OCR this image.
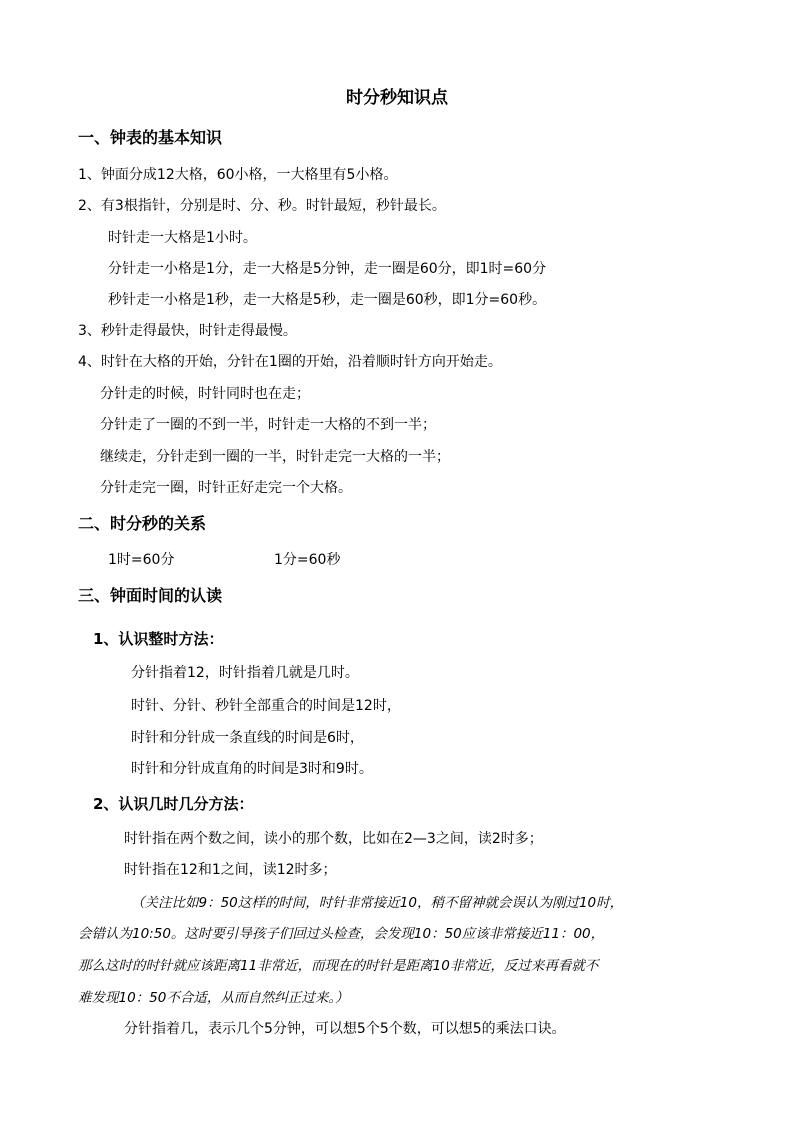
时分秒知识点
一、钟表的基本知识
1、钟面分成12大格，60小格，一大格里有5小格。
2、有3根指针，分别是时、分、秒。时针最短，秒针最长。
时针走一大格是1小时。
分针走一小格是1分，走一大格是5分钟，走一圈是60分，即1时=60分
秒针走一小格是1秒，走一大格是5秒，走一圈是60秒，即1分=60秒。
3、秒针走得最快，时针走得最慢。
4、时针在大格的开始，分针在1圈的开始，沿着顺时针方向开始走。
分针走的时候，时针同时也在走；
分针走了一圈的不到一半，时针走一大格的不到一半；
继续走，分针走到一圈的一半，时针走完一大格的一半；
分针走完一圈，时针正好走完一个大格。
二、时分秒的关系
1时=60分	1分=60秒
三、钟面时间的认读
1、认识整时方法：
分针指着12，时针指着几就是几时。
时针、分针、秒针全部重合的时间是12时，
时针和分针成一条直线的时间是6时，
时针和分针成直角的时间是3时和9时。
2、认识几时几分方法：
时针指在两个数之间，读小的那个数，比如在2—3之间，读2时多；
时针指在12和1之间，读12时多；
（关注比如9：50这样的时间，时针非常接近10，稍不留神就会误认为刚过10时，
会错认为10:50。这时要引导孩子们回过头检查，会发现10：50应该非常接近11：00，
那么这时的时针就应该距离11非常近，而现在的时针是距离10非常近，反过来再看就不
难发现10：50不合适，从而自然纠正过来。）
分针指着几，表示几个5分钟，可以想5个5个数，可以想5的乘法口诀。
